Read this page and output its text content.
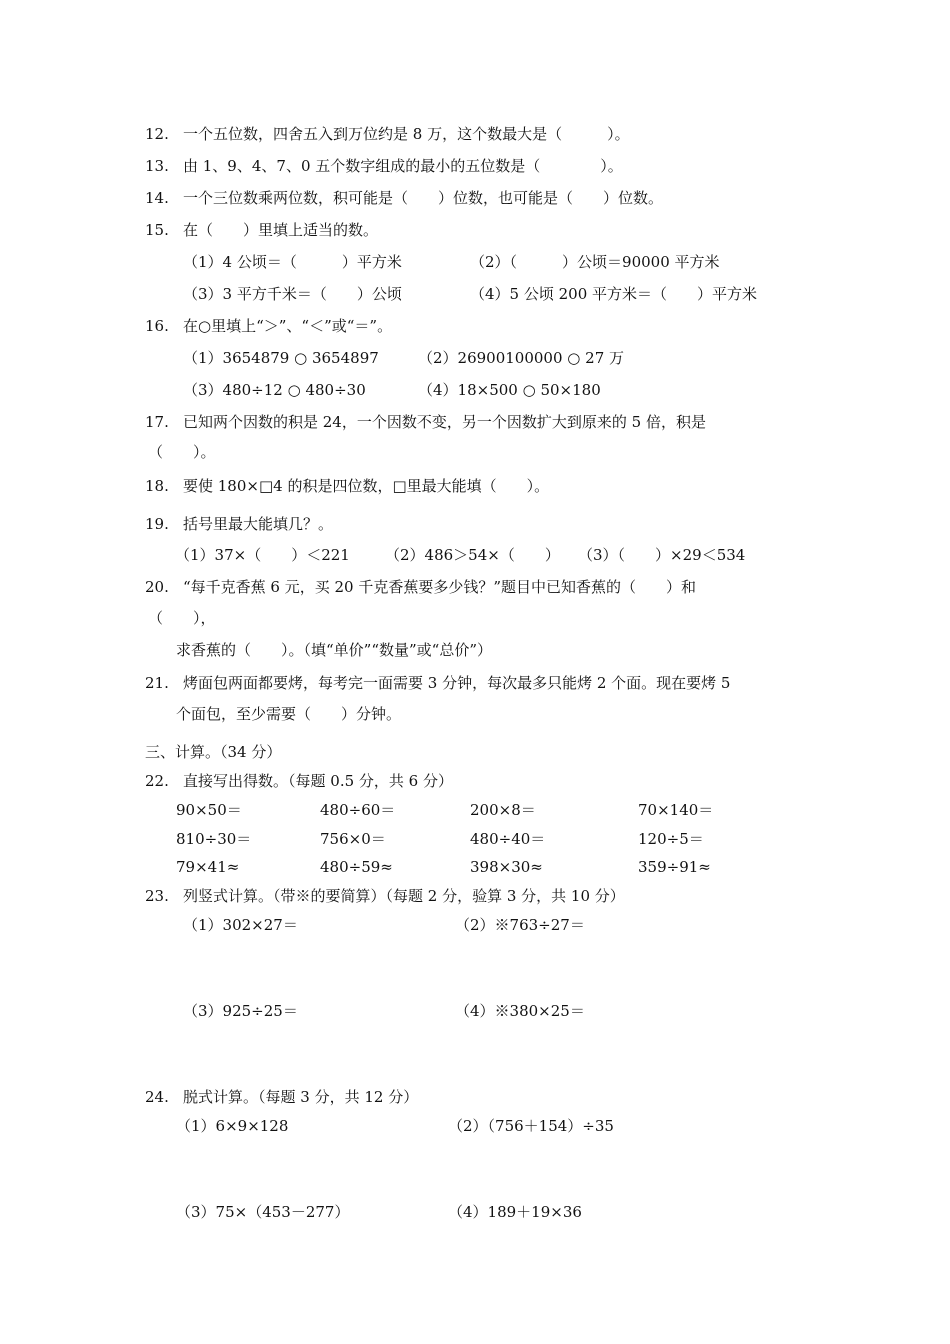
12. 一个五位数，四舍五入到万位约是 8 万，这个数最大是（　　　）。
13. 由 1、9、4、7、0 五个数字组成的最小的五位数是（　　　　）。
14. 一个三位数乘两位数，积可能是（　　）位数，也可能是（　　）位数。
15. 在（　　）里填上适当的数。
（1）4 公顷＝（　　　）平方米	（2）（　　　）公顷＝90000 平方米
（3）3 平方千米＝（　　）公顷	（4）5 公顷 200 平方米＝（　　）平方米
16. 在○里填上“＞”、“＜”或“＝”。
（1）3654879 ○ 3654897	（2）26900100000 ○ 27 万
（3）480÷12 ○ 480÷30	（4）18×500 ○ 50×180
17. 已知两个因数的积是 24，一个因数不变，另一个因数扩大到原来的 5 倍，积是
（　　）。
18. 要使 180×□4 的积是四位数，□里最大能填（　　）。
19. 括号里最大能填几？。
（1）37×（　　）＜221 （2）486＞54×（　　） （3）（　　）×29＜534
20. “每千克香蕉 6 元，买 20 千克香蕉要多少钱？”题目中已知香蕉的（　　）和
（　　），
求香蕉的（　　）。（填“单价”“数量”或“总价”）
21. 烤面包两面都要烤，每考完一面需要 3 分钟，每次最多只能烤 2 个面。现在要烤 5
个面包，至少需要（　　）分钟。
三、计算。（34 分）
22. 直接写出得数。（每题 0.5 分，共 6 分）
90×50＝	480÷60＝	200×8＝	70×140＝
810÷30＝	756×0＝	480÷40＝	120÷5＝
79×41≈	480÷59≈	398×30≈	359÷91≈
23. 列竖式计算。（带※的要简算）（每题 2 分，验算 3 分，共 10 分）
（1）302×27＝	（2）※763÷27＝
（3）925÷25＝	（4）※380×25＝
24. 脱式计算。（每题 3 分，共 12 分）
（1）6×9×128	（2）（756＋154）÷35
（3）75×（453－277）	（4）189＋19×36
